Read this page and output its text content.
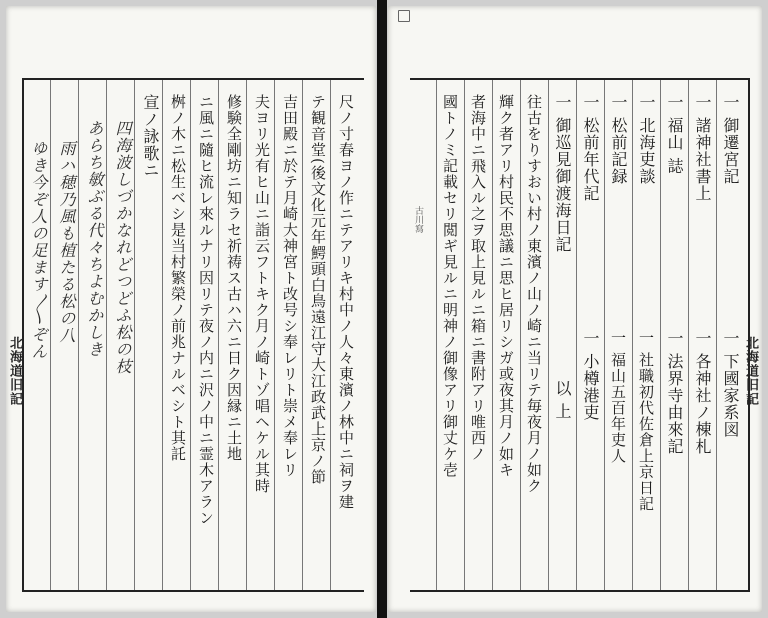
北海道旧記	尺ノ寸春ヨノ作ニテアリキ村中ノ人々東濱ノ林中ニ祠ヲ建
テ観音堂(後文化元年鰐頭白鳥遠江守大江政武上京ノ節
吉田殿ニ於テ月崎大神宮ト改号シ奉レリト崇メ奉レリ
夫ヨリ光有ヒ山ニ詣云フトキク月ノ崎トゾ唱ヘケル其時
修験全剛坊ニ知ラセ祈祷ス古ハ六ニ日ク因縁ニ土地
ニ風ニ隨ヒ流レ來ルナリ因リテ夜ノ内ニ沢ノ中ニ霊木アラン
桝ノ木ニ松生ベシ是当村繁榮ノ前兆ナルベシト其託
宣ノ詠歌ニ
四海波しづかなれどつどふ松の枝
あらち敏ぶる代々ちよむかしき
雨ハ穂乃風も植たる松の八
ゆき今ぞ人の足ます〳〵ぞん	古川寫
北海道旧記
一 御遷宮記
一 諸神社書上
一 福山 誌
一 北海吏談
一 松前記録
一 松前年代記
一 御巡見御渡海日記
一 下國家系図
一 各神社ノ棟札
一 法界寺由來記
一 社職初代佐倉上京日記
一 福山五百年吏人
一 小樽港吏
以 上
往古をりすおい村ノ東濱ノ山ノ崎ニ当リテ毎夜月ノ如ク
輝ク者アリ村民不思議ニ思ヒ居リシガ或夜其月ノ如キ
者海中ニ飛入ル之ヲ取上見ルニ箱ニ書附アリ唯西ノ
國トノミ記載セリ閲ギ見ルニ明神ノ御像アリ御丈ケ壱
